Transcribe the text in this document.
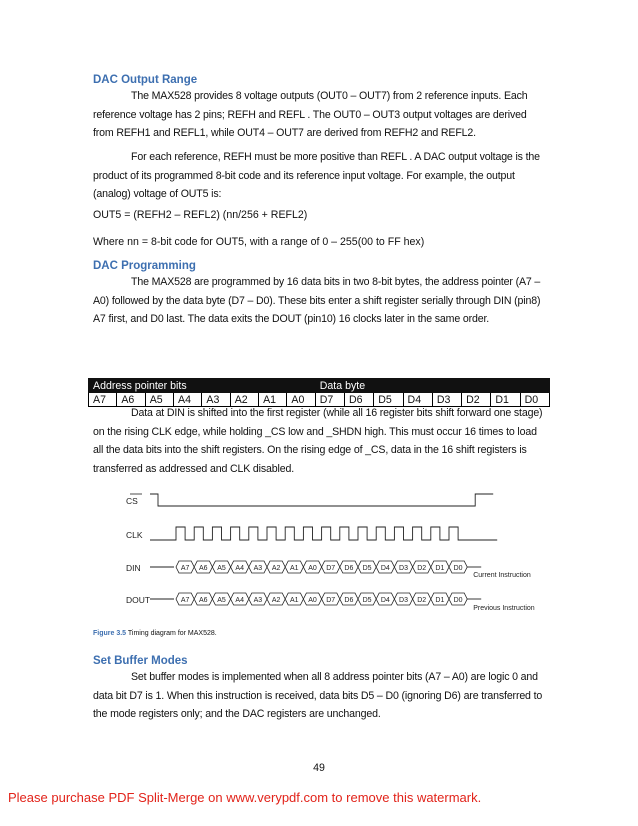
DAC Output Range
The MAX528 provides 8 voltage outputs (OUT0 – OUT7) from 2 reference inputs. Each reference voltage has 2 pins; REFH and REFL . The OUT0 – OUT3 output voltages are derived from REFH1 and REFL1, while OUT4 – OUT7 are derived from REFH2 and REFL2.
For each reference, REFH must be more positive than REFL . A DAC output voltage is the product of its programmed 8-bit code and its reference input voltage. For example, the output (analog) voltage of OUT5 is:
OUT5 = (REFH2 – REFL2) (nn/256 + REFL2)
Where nn = 8-bit code for OUT5, with a range of 0 – 255(00 to FF hex)
DAC Programming
The MAX528 are programmed by 16 data bits in two 8-bit bytes, the address pointer (A7 – A0) followed by the data byte (D7 – D0). These bits enter a shift register serially through DIN (pin8) A7 first, and D0 last. The data exits the DOUT (pin10) 16 clocks later in the same order.
Address pointer bits								Data byte							
A7	A6	A5	A4	A3	A2	A1	A0	D7	D6	D5	D4	D3	D2	D1	D0
Data at DIN is shifted into the first register (while all 16 register bits shift forward one stage) on the rising CLK edge, while holding _CS low and _SHDN high. This must occur 16 times to load all the data bits into the shift registers. On the rising edge of _CS, data in the 16 shift registers is transferred as addressed and CLK disabled.
CS
CLK
DIN
DOUT
A7 A6 A5 A4 A3 A2 A1 A0 D7 D6 D5 D4 D3 D2 D1 D0
A7 A6 A5 A4 A3 A2 A1 A0 D7 D6 D5 D4 D3 D2 D1 D0
Current Instruction
Previous Instruction
Figure 3.5 Timing diagram for MAX528.
Set Buffer Modes
Set buffer modes is implemented when all 8 address pointer bits (A7 – A0) are logic 0 and data bit D7 is 1. When this instruction is received, data bits D5 – D0 (ignoring D6) are transferred to the mode registers only; and the DAC registers are unchanged.
49
Please purchase PDF Split-Merge on www.verypdf.com to remove this watermark.
